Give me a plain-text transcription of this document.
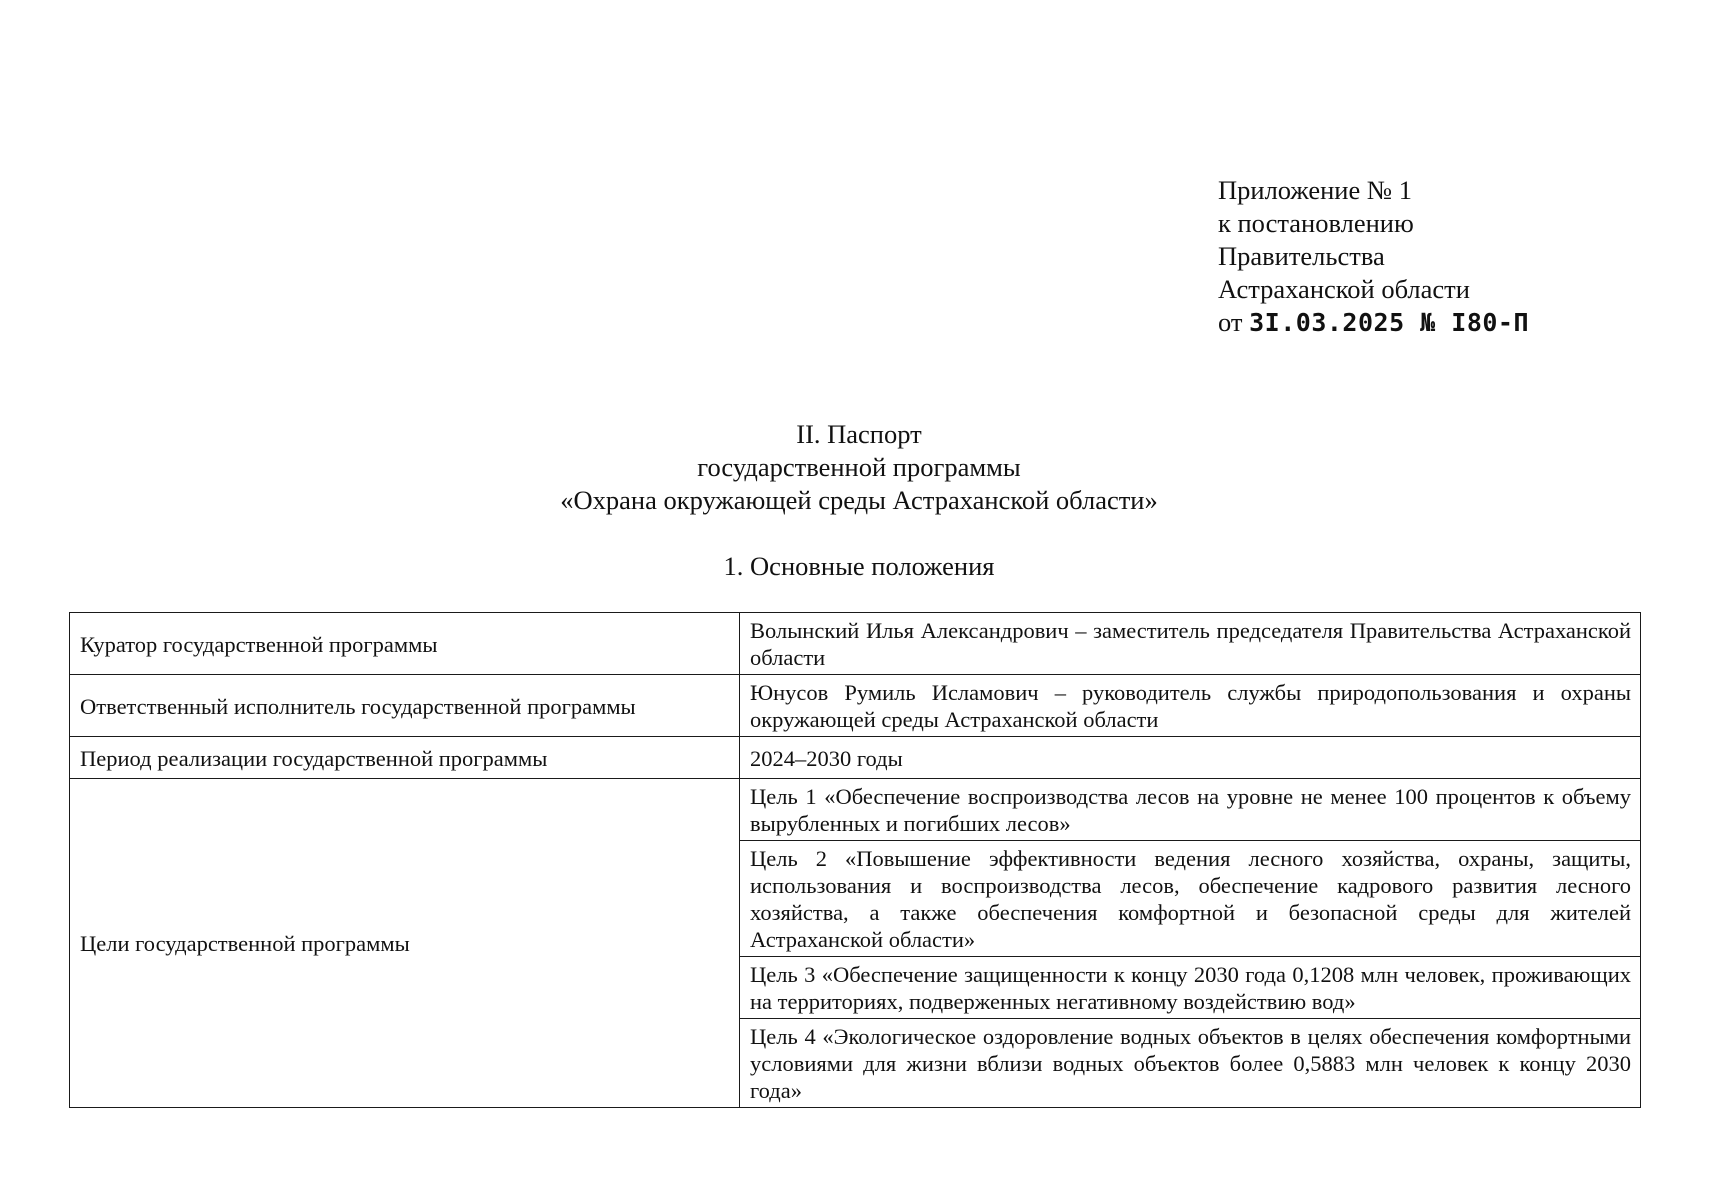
Приложение № 1
к постановлению
Правительства
Астраханской области
от 3I.03.2025 № I80-П
II. Паспорт
государственной программы
«Охрана окружающей среды Астраханской области»
1. Основные положения
Куратор государственной программы	Волынский Илья Александрович – заместитель председателя Правительства Астраханской области
Ответственный исполнитель государственной программы	Юнусов Румиль Исламович – руководитель службы природопользования и охраны окружающей среды Астраханской области
Период реализации государственной программы	2024–2030 годы
Цели государственной программы	Цель 1 «Обеспечение воспроизводства лесов на уровне не менее 100 процентов к объему вырубленных и погибших лесов»
	Цель 2 «Повышение эффективности ведения лесного хозяйства, охраны, защиты, использования и воспроизводства лесов, обеспечение кадрового развития лесного хозяйства, а также обеспечения комфортной и безопасной среды для жителей Астраханской области»
	Цель 3 «Обеспечение защищенности к концу 2030 года 0,1208 млн человек, проживающих на территориях, подверженных негативному воздействию вод»
	Цель 4 «Экологическое оздоровление водных объектов в целях обеспечения комфортными условиями для жизни вблизи водных объектов более 0,5883 млн человек к концу 2030 года»
